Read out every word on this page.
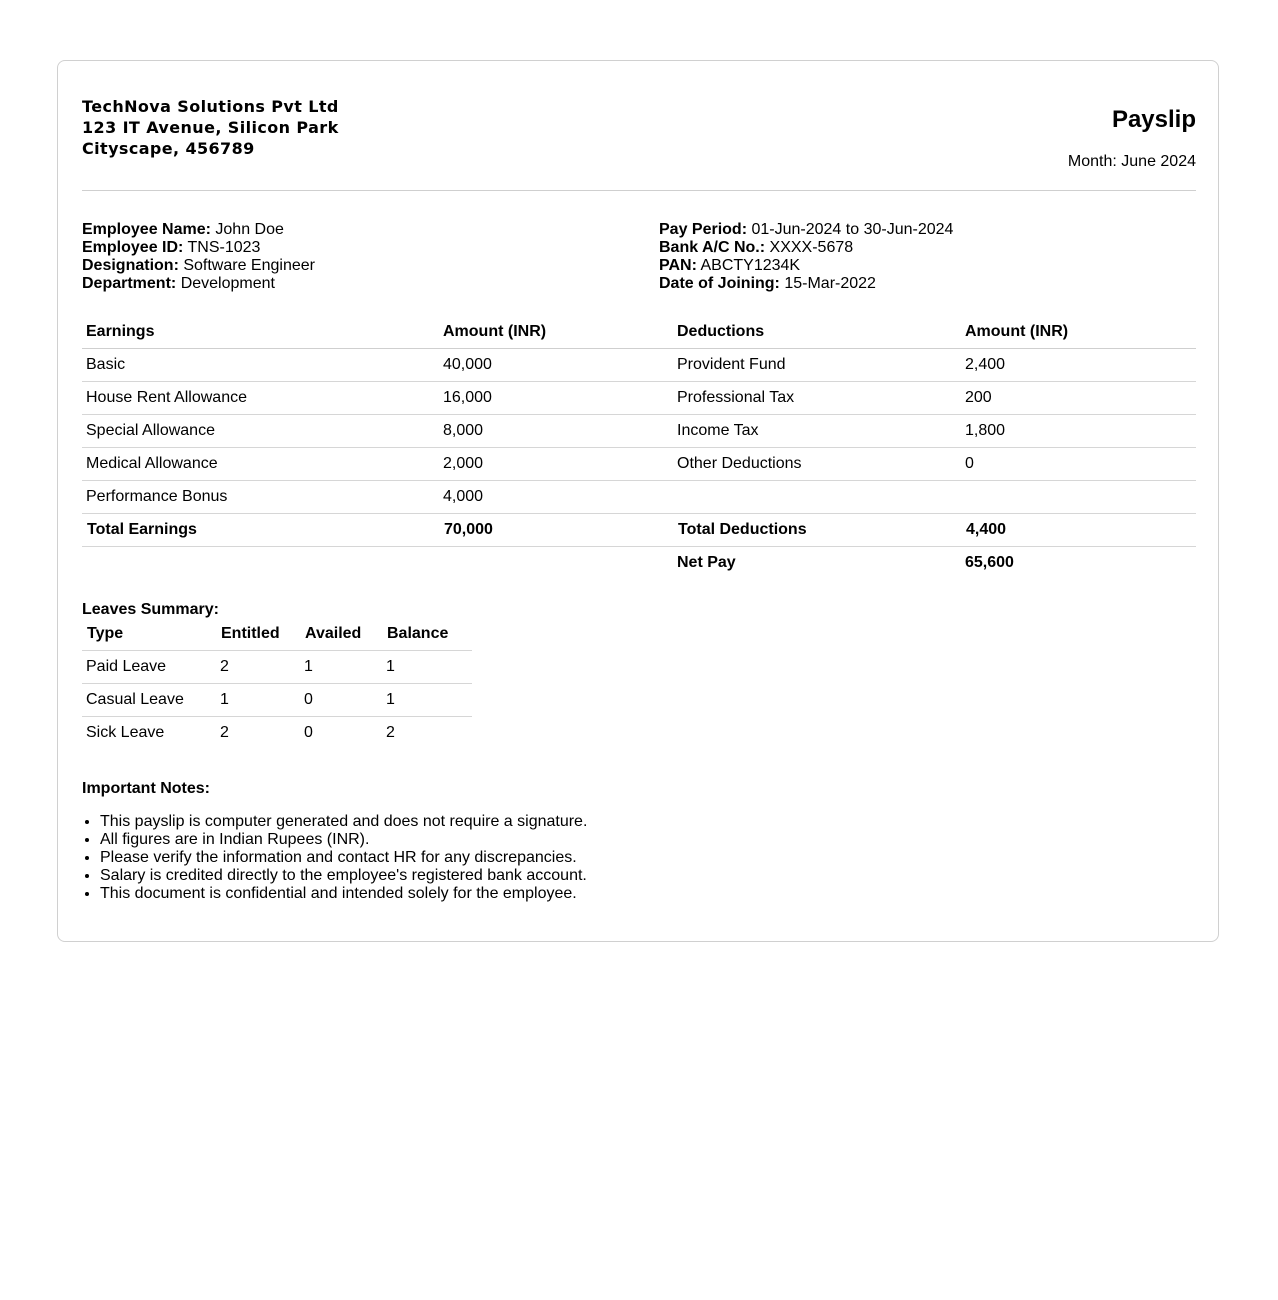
TechNova Solutions Pvt Ltd
123 IT Avenue, Silicon Park
Cityscape, 456789
Payslip
Month: June 2024
Employee Name: John Doe
Employee ID: TNS-1023
Designation: Software Engineer
Department: Development
Pay Period: 01-Jun-2024 to 30-Jun-2024
Bank A/C No.: XXXX-5678
PAN: ABCTY1234K
Date of Joining: 15-Mar-2022
Earnings	Amount (INR)	Deductions	Amount (INR)
Basic	40,000	Provident Fund	2,400
House Rent Allowance	16,000	Professional Tax	200
Special Allowance	8,000	Income Tax	1,800
Medical Allowance	2,000	Other Deductions	0
Performance Bonus	4,000		
Total Earnings	70,000	Total Deductions	4,400
		Net Pay	65,600
Leaves Summary:
Type	Entitled	Availed	Balance
Paid Leave	2	1	1
Casual Leave	1	0	1
Sick Leave	2	0	2
Important Notes:
• This payslip is computer generated and does not require a signature.
• All figures are in Indian Rupees (INR).
• Please verify the information and contact HR for any discrepancies.
• Salary is credited directly to the employee's registered bank account.
• This document is confidential and intended solely for the employee.
